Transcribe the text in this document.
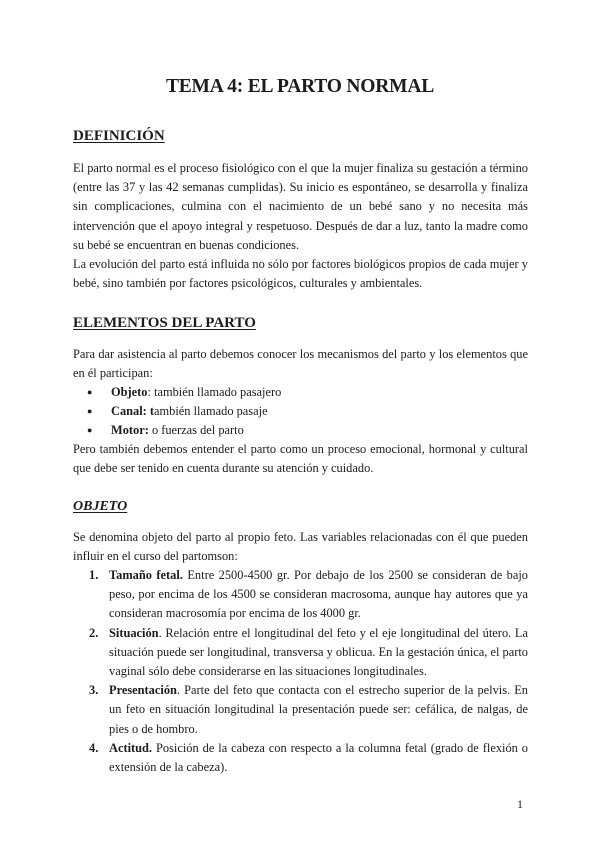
TEMA 4: EL PARTO NORMAL
DEFINICIÓN

El parto normal es el proceso fisiológico con el que la mujer finaliza su gestación a término (entre las 37 y las 42 semanas cumplidas). Su inicio es espontáneo, se desarrolla y finaliza sin complicaciones, culmina con el nacimiento de un bebé sano y no necesita más intervención que el apoyo integral y respetuoso. Después de dar a luz, tanto la madre como su bebé se encuentran en buenas condiciones.

La evolución del parto está influida no sólo por factores biológicos propios de cada mujer y bebé, sino también por factores psicológicos, culturales y ambientales.

ELEMENTOS DEL PARTO

Para dar asistencia al parto debemos conocer los mecanismos del parto y los elementos que en él participan:

● Objeto: también llamado pasajero
● Canal: también llamado pasaje
● Motor: o fuerzas del parto

Pero también debemos entender el parto como un proceso emocional, hormonal y cultural que debe ser tenido en cuenta durante su atención y cuidado.

OBJETO

Se denomina objeto del parto al propio feto. Las variables relacionadas con él que pueden influir en el curso del partomson:

1. Tamaño fetal. Entre 2500-4500 gr. Por debajo de los 2500 se consideran de bajo peso, por encima de los 4500 se consideran macrosoma, aunque hay autores que ya consideran macrosomía por encima de los 4000 gr.
2. Situación. Relación entre el longitudinal del feto y el eje longitudinal del útero. La situación puede ser longitudinal, transversa y oblicua. En la gestación única, el parto vaginal sólo debe considerarse en las situaciones longitudinales.
3. Presentación. Parte del feto que contacta con el estrecho superior de la pelvis. En un feto en situación longitudinal la presentación puede ser: cefálica, de nalgas, de pies o de hombro.
4. Actitud. Posición de la cabeza con respecto a la columna fetal (grado de flexión o extensión de la cabeza).
1
